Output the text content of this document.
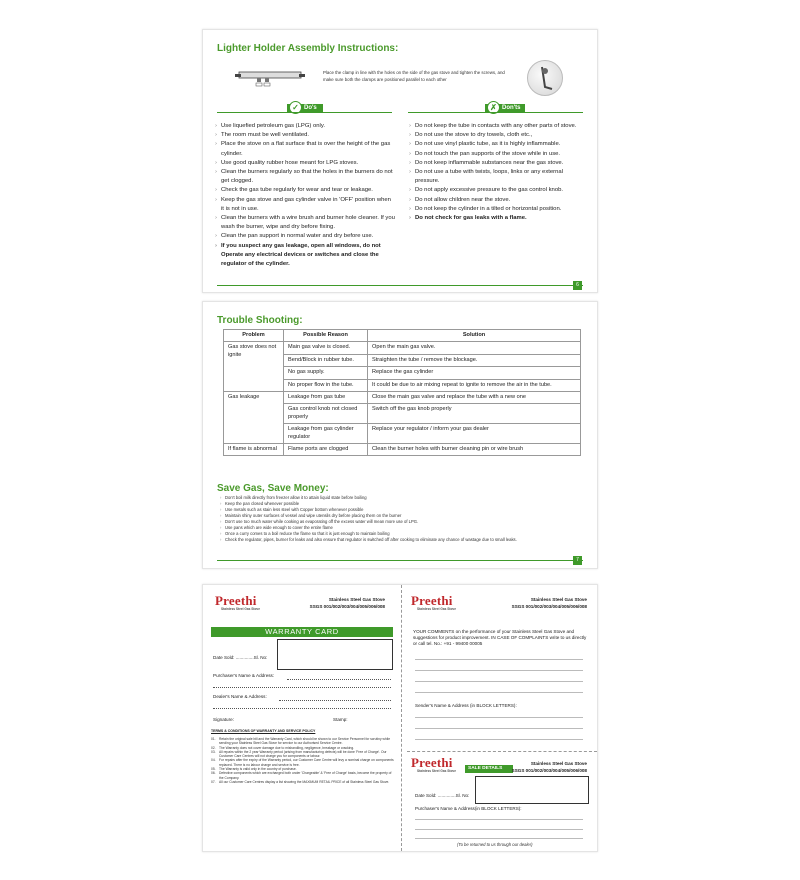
Lighter Holder Assembly Instructions:
Place the clamp in line with the holes on the side of the gas stove and tighten the screws, and make sure both the clamps are positioned parallel to each other
✓ Do's	✗ Don'ts
› Use liquefied petroleum gas (LPG) only.
› The room must be well ventilated.
› Place the stove on a flat surface that is over the height of the gas cylinder.
› Use good quality rubber hose meant for LPG stoves.
› Clean the burners regularly so that the holes in the burners do not get clogged.
› Check the gas tube regularly for wear and tear or leakage.
› Keep the gas stove and gas cylinder valve in 'OFF' position when it is not in use.
› Clean the burners with a wire brush and burner hole cleaner. If you wash the burner, wipe and dry before fixing.
› Clean the pan support in normal water and dry before use.
› If you suspect any gas leakage, open all windows, do not Operate any electrical devices or switches and close the regulator of the cylinder.
› Do not keep the tube in contacts with any other parts of stove.
› Do not use the stove to dry towels, cloth etc.,
› Do not use vinyl plastic tube, as it is highly inflammable.
› Do not touch the pan supports of the stove while in use.
› Do not keep inflammable substances near the gas stove.
› Do not use a tube with twists, loops, links or any external pressure.
› Do not apply excessive pressure to the gas control knob.
› Do not allow children near the stove.
› Do not keep the cylinder in a tilted or horizontal position.
› Do not check for gas leaks with a flame.
6
Trouble Shooting:
Problem	Possible Reason	Solution
Gas stove does not ignite	Main gas valve is closed.	Open the main gas valve.
	Bend/Block in rubber tube.	Straighten the tube / remove the blockage.
	No gas supply.	Replace the gas cylinder
	No proper flow in the tube.	It could be due to air mixing repeat to ignite to remove the air in the tube.
Gas leakage	Leakage from gas tube	Close the main gas valve and replace the tube with a new one
	Gas control knob not closed properly	Switch off the gas knob properly
	Leakage from gas cylinder regulator	Replace your regulator / inform your gas dealer
If flame is abnormal	Flame ports are clogged	Clean the burner holes with burner cleaning pin or wire brush
Save Gas, Save Money:
› Don't boil milk directly from freezer allow it to attain liquid state before boiling
› Keep the pan closed whenever possible
› Use metals such as stain less steel with Copper bottom whenever possible
› Maintain shiny outer surfaces of vessel and wipe utensils dry before placing them on the burner
› Don't use too much water while cooking as evaporating off the excess water will mean more use of LPG.
› Use pans which are wide enough to cover the entire flame
› Once a curry comes to a boil reduce the flame so that it is just enough to maintain boiling
› Check the regulator, pipes, burner for leaks and also ensure that regulator is switched off after cooking to eliminate any chance of wastage due to small leaks.
7
Preethi
Stainless Steel Gas Stove
Stainless Steel Gas Stove
SSGS 001/002/003/004/005/006/008
WARRANTY CARD
Date Sold: ..............Sl. No:
Purchaser's Name & Address:
Dealer's Name & Address:
Signature:	Stamp:
TERMS & CONDITIONS OF WARRANTY AND SERVICE POLICY
01.	Retain the original sale bill and the Warranty Card, which should be shown to our Service Personnel for scrutiny while sending your Stainless Steel Gas Stove for service to our Authorised Service Centre.
02.	The Warranty does not cover damage due to mishandling, negligence, breakage or cracking.
03.	All repairs within the 2 year Warranty period (arising from manufacturing defects) will be done 'Free of Charge'. Our Customer Care Centres will not charge you for components or labour.
04.	For repairs after the expiry of the Warranty period, our Customer Care Centre will levy a nominal charge on components replaced. There is no labour charge and service is free.
05.	The Warranty is valid only in the country of purchase.
06.	Defective components which are exchanged both under 'Chargeable' & 'Free of Charge' basis, become the property of the Company.
07.	All our Customer Care Centres display a list showing the MAXIMUM RETAIL PRICE of all Stainless Steel Gas Stove.
Preethi
Stainless Steel Gas Stove
Stainless Steel Gas Stove
SSGS 001/002/003/004/005/006/008
YOUR COMMENTS on the performance of your Stainless Steel Gas Stove and suggestions for product improvement. IN CASE OF COMPLAINTS write to us directly or call tel. No.: +91 - 99400 00005
Sender's Name & Address (in BLOCK LETTERS):
Preethi
Stainless Steel Gas Stove	SALE DETAILS
Stainless Steel Gas Stove
SSGS 001/002/003/004/005/006/008
Date Sold: ..............Sl. No:
Purchaser's Name & Address(in BLOCK LETTERS):
(To be returned to us through our dealer)
